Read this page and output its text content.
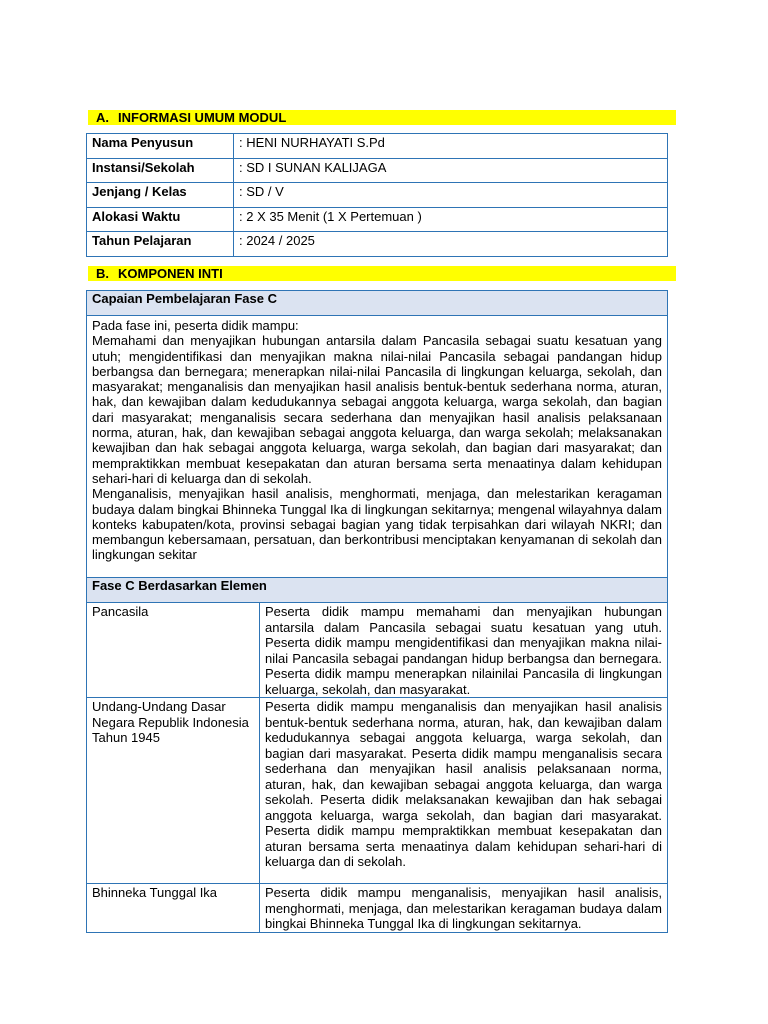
A. INFORMASI UMUM MODUL
Nama Penyusun	: HENI NURHAYATI S.Pd
Instansi/Sekolah	: SD I SUNAN KALIJAGA
Jenjang / Kelas	: SD / V
Alokasi Waktu	: 2 X 35 Menit (1 X Pertemuan )
Tahun Pelajaran	: 2024 / 2025
B. KOMPONEN INTI
Capaian Pembelajaran Fase C	

Pada fase ini, peserta didik mampu:

Memahami dan menyajikan hubungan antarsila dalam Pancasila sebagai suatu kesatuan yang utuh; mengidentifikasi dan menyajikan makna nilai-nilai Pancasila sebagai pandangan hidup berbangsa dan bernegara; menerapkan nilai-nilai Pancasila di lingkungan keluarga, sekolah, dan masyarakat; menganalisis dan menyajikan hasil analisis bentuk-bentuk sederhana norma, aturan, hak, dan kewajiban dalam kedudukannya sebagai anggota keluarga, warga sekolah, dan bagian dari masyarakat; menganalisis secara sederhana dan menyajikan hasil analisis pelaksanaan norma, aturan, hak, dan kewajiban sebagai anggota keluarga, dan warga sekolah; melaksanakan kewajiban dan hak sebagai anggota keluarga, warga sekolah, dan bagian dari masyarakat; dan mempraktikkan membuat kesepakatan dan aturan bersama serta menaatinya dalam kehidupan sehari-hari di keluarga dan di sekolah.

Menganalisis, menyajikan hasil analisis, menghormati, menjaga, dan melestarikan keragaman budaya dalam bingkai Bhinneka Tunggal Ika di lingkungan sekitarnya; mengenal wilayahnya dalam konteks kabupaten/kota, provinsi sebagai bagian yang tidak terpisahkan dari wilayah NKRI; dan membangun kebersamaan, persatuan, dan berkontribusi menciptakan kenyamanan di sekolah dan lingkungan sekitar	

Fase C Berdasarkan Elemen	
Pancasila	Peserta didik mampu memahami dan menyajikan hubungan antarsila dalam Pancasila sebagai suatu kesatuan yang utuh. Peserta didik mampu mengidentifikasi dan menyajikan makna nilai-nilai Pancasila sebagai pandangan hidup berbangsa dan bernegara. Peserta didik mampu menerapkan nilainilai Pancasila di lingkungan keluarga, sekolah, dan masyarakat.
Undang-Undang Dasar Negara Republik Indonesia Tahun 1945	Peserta didik mampu menganalisis dan menyajikan hasil analisis bentuk-bentuk sederhana norma, aturan, hak, dan kewajiban dalam kedudukannya sebagai anggota keluarga, warga sekolah, dan bagian dari masyarakat. Peserta didik mampu menganalisis secara sederhana dan menyajikan hasil analisis pelaksanaan norma, aturan, hak, dan kewajiban sebagai anggota keluarga, dan warga sekolah. Peserta didik melaksanakan kewajiban dan hak sebagai anggota keluarga, warga sekolah, dan bagian dari masyarakat. Peserta didik mampu mempraktikkan membuat kesepakatan dan aturan bersama serta menaatinya dalam kehidupan sehari-hari di keluarga dan di sekolah.
Bhinneka Tunggal Ika	Peserta didik mampu menganalisis, menyajikan hasil analisis, menghormati, menjaga, dan melestarikan keragaman budaya dalam bingkai Bhinneka Tunggal Ika di lingkungan sekitarnya.
